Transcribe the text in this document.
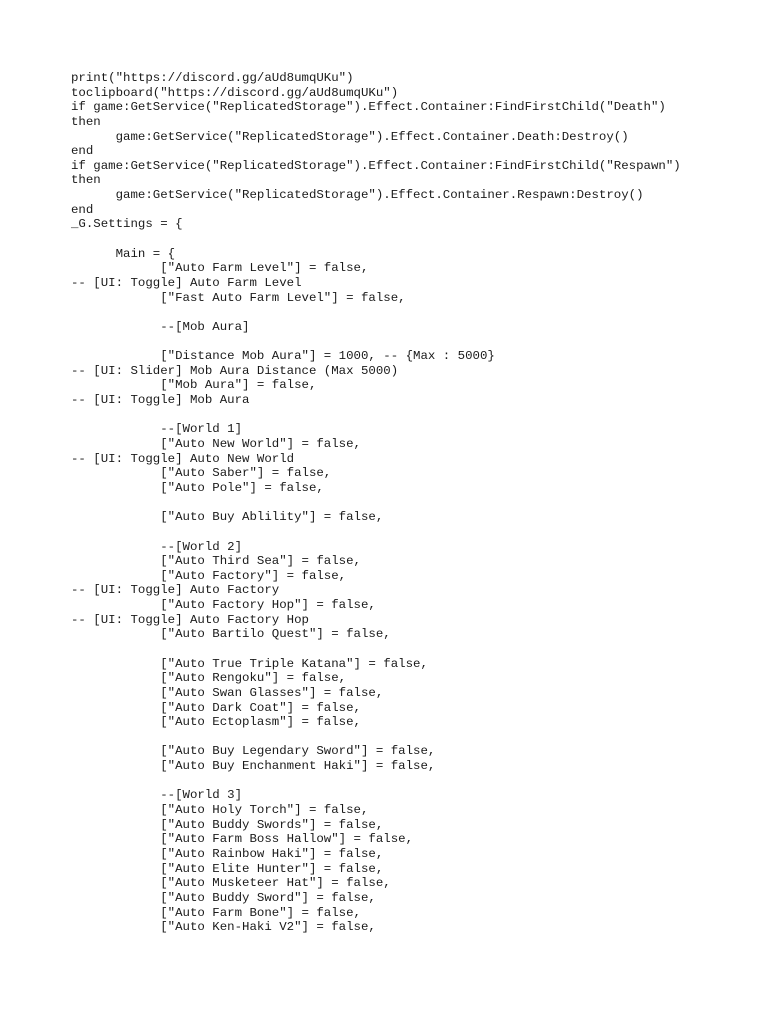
print("https://discord.gg/aUd8umqUKu")
toclipboard("https://discord.gg/aUd8umqUKu")
if game:GetService("ReplicatedStorage").Effect.Container:FindFirstChild("Death")
then
game:GetService("ReplicatedStorage").Effect.Container.Death:Destroy()
end
if game:GetService("ReplicatedStorage").Effect.Container:FindFirstChild("Respawn")
then
game:GetService("ReplicatedStorage").Effect.Container.Respawn:Destroy()
end
_G.Settings = {
Main = {
["Auto Farm Level"] = false,
-- [UI: Toggle] Auto Farm Level
["Fast Auto Farm Level"] = false,
--[Mob Aura]
["Distance Mob Aura"] = 1000, -- {Max : 5000}
-- [UI: Slider] Mob Aura Distance (Max 5000)
["Mob Aura"] = false,
-- [UI: Toggle] Mob Aura
--[World 1]
["Auto New World"] = false,
-- [UI: Toggle] Auto New World
["Auto Saber"] = false,
["Auto Pole"] = false,
["Auto Buy Ablility"] = false,
--[World 2]
["Auto Third Sea"] = false,
["Auto Factory"] = false,
-- [UI: Toggle] Auto Factory
["Auto Factory Hop"] = false,
-- [UI: Toggle] Auto Factory Hop
["Auto Bartilo Quest"] = false,
["Auto True Triple Katana"] = false,
["Auto Rengoku"] = false,
["Auto Swan Glasses"] = false,
["Auto Dark Coat"] = false,
["Auto Ectoplasm"] = false,
["Auto Buy Legendary Sword"] = false,
["Auto Buy Enchanment Haki"] = false,
--[World 3]
["Auto Holy Torch"] = false,
["Auto Buddy Swords"] = false,
["Auto Farm Boss Hallow"] = false,
["Auto Rainbow Haki"] = false,
["Auto Elite Hunter"] = false,
["Auto Musketeer Hat"] = false,
["Auto Buddy Sword"] = false,
["Auto Farm Bone"] = false,
["Auto Ken-Haki V2"] = false,
